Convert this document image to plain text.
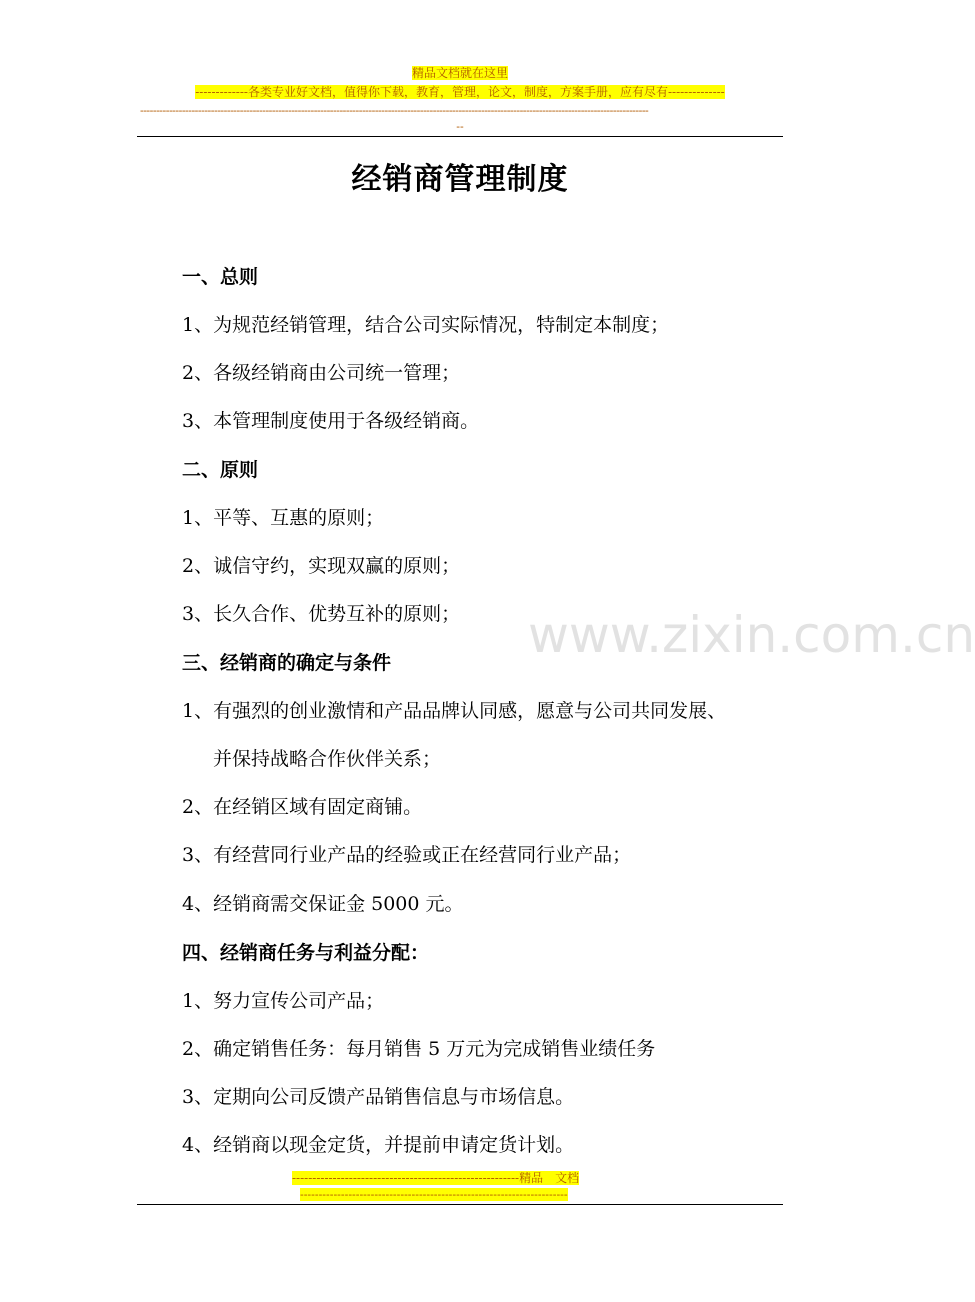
精品文档就在这里
-------------各类专业好文档，值得你下载，教育，管理，论文，制度，方案手册，应有尽有--------------
--------------------------------------------------------------------------------------------------------------------------------------------------------------
--
经销商管理制度
www.zixin.com.cn
一、总则
1、为规范经销管理，结合公司实际情况，特制定本制度；
2、各级经销商由公司统一管理；
3、本管理制度使用于各级经销商。
二、原则
1、平等、互惠的原则；
2、诚信守约，实现双赢的原则；
3、长久合作、优势互补的原则；
三、经销商的确定与条件
1、有强烈的创业激情和产品品牌认同感，愿意与公司共同发展、
并保持战略合作伙伴关系；
2、在经销区域有固定商铺。
3、有经营同行业产品的经验或正在经营同行业产品；
4、经销商需交保证金 5000 元。
四、经销商任务与利益分配：
1、努力宣传公司产品；
2、确定销售任务：每月销售 5 万元为完成销售业绩任务
3、定期向公司反馈产品销售信息与市场信息。
4、经销商以现金定货，并提前申请定货计划。
--------------------------------------------------------精品　文档
------------------------------------------------------------------------
